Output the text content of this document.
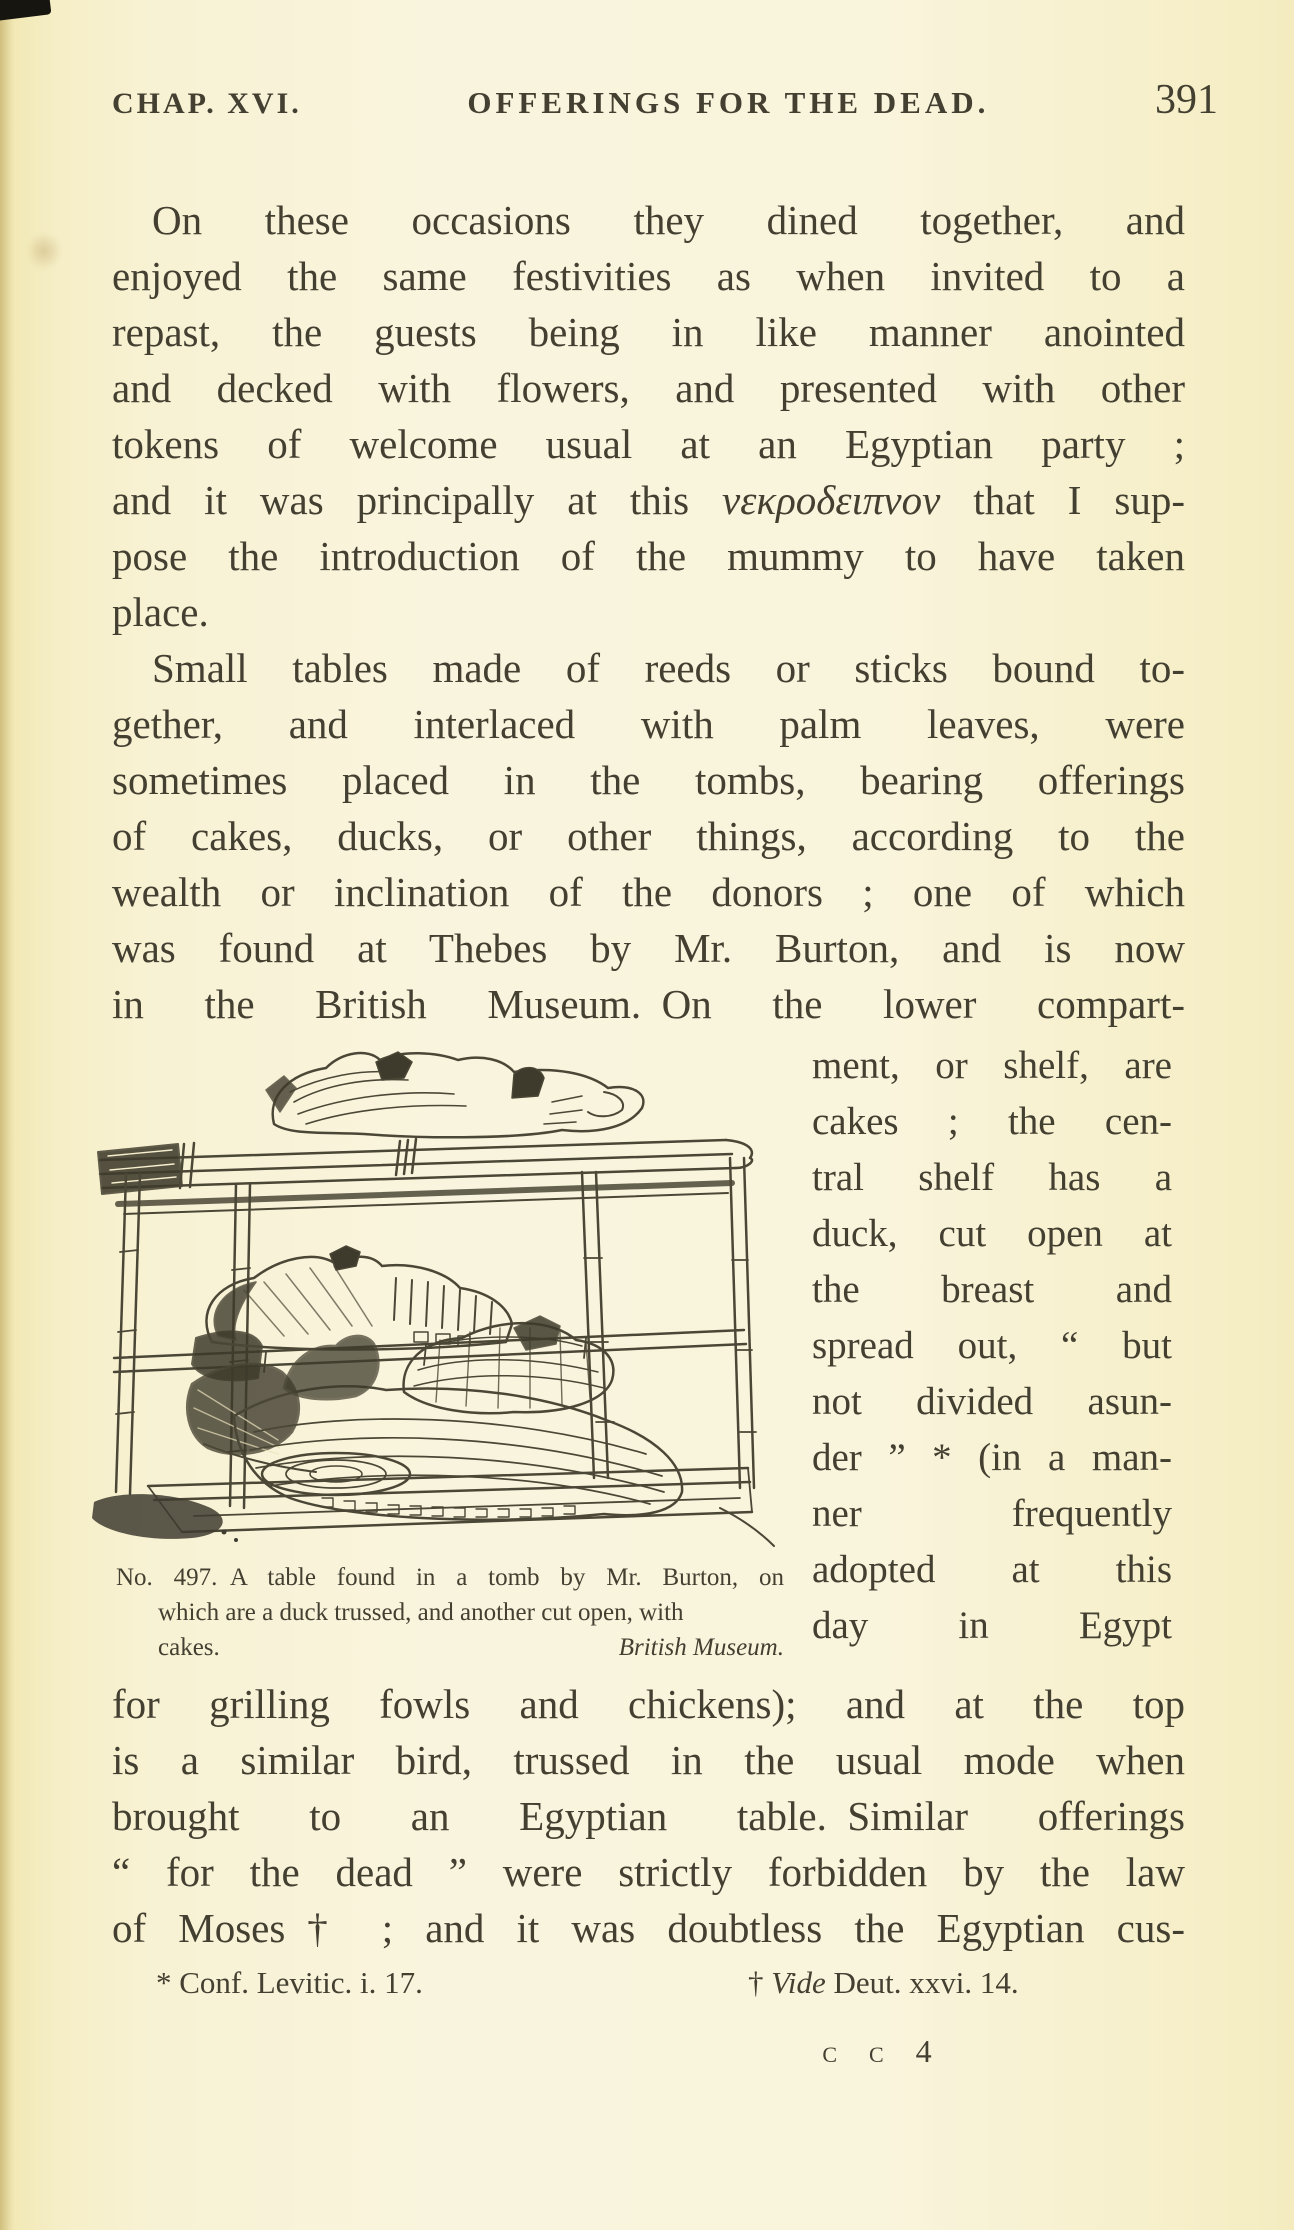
CHAP. XVI.	OFFERINGS FOR THE DEAD.	391
On these occasions they dined together, and
enjoyed the same festivities as when invited to a
repast, the guests being in like manner anointed
and decked with flowers, and presented with other
tokens of welcome usual at an Egyptian party ;
and it was principally at this νεκροδειπνον that I sup-
pose the introduction of the mummy to have taken
place.
Small tables made of reeds or sticks bound to-
gether, and interlaced with palm leaves, were
sometimes placed in the tombs, bearing offerings
of cakes, ducks, or other things, according to the
wealth or inclination of the donors ; one of which
was found at Thebes by Mr. Burton, and is now
in the British Museum. On the lower compart-
ment, or shelf, are
cakes ; the cen-
tral shelf has a
duck, cut open at
the breast and
spread out, “ but
not divided asun-
der ” * (in a man-
ner frequently
adopted at this
day in Egypt
No. 497. A table found in a tomb by Mr. Burton, on
which are a duck trussed, and another cut open, with
cakes.	British Museum.
for grilling fowls and chickens); and at the top
is a similar bird, trussed in the usual mode when
brought to an Egyptian table. Similar offerings
“ for the dead ” were strictly forbidden by the law
of Moses† ; and it was doubtless the Egyptian cus-
* Conf. Levitic. i. 17.	† Vide Deut. xxvi. 14.
c c 4
